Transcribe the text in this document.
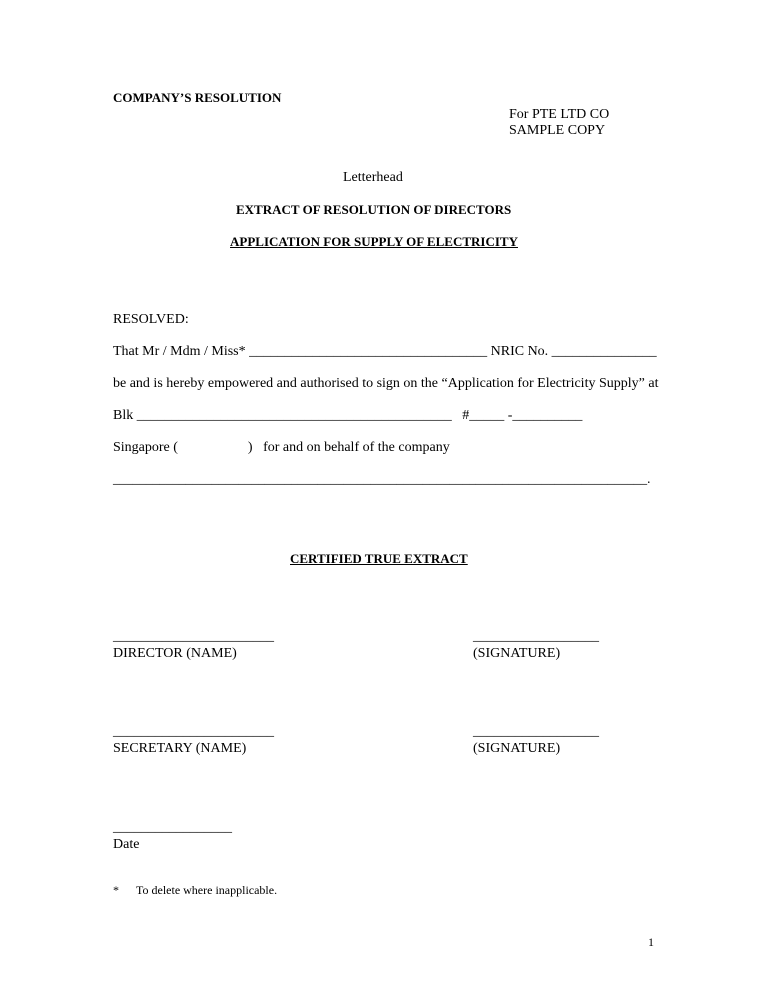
COMPANY’S RESOLUTION
For PTE LTD CO
SAMPLE COPY
Letterhead
EXTRACT OF RESOLUTION OF DIRECTORS
APPLICATION FOR SUPPLY OF ELECTRICITY
RESOLVED:
That Mr / Mdm / Miss* __________________________________ NRIC No. _______________
be and is hereby empowered and authorised to sign on the “Application for Electricity Supply” at
Blk _____________________________________________   #_____ -__________
Singapore (                    )   for and on behalf of the company
_________________________________________________________________________________.
CERTIFIED TRUE EXTRACT
_______________________
DIRECTOR (NAME)
__________________
(SIGNATURE)
_______________________
SECRETARY (NAME)
__________________
(SIGNATURE)
_________________
Date
* To delete where inapplicable.
1
